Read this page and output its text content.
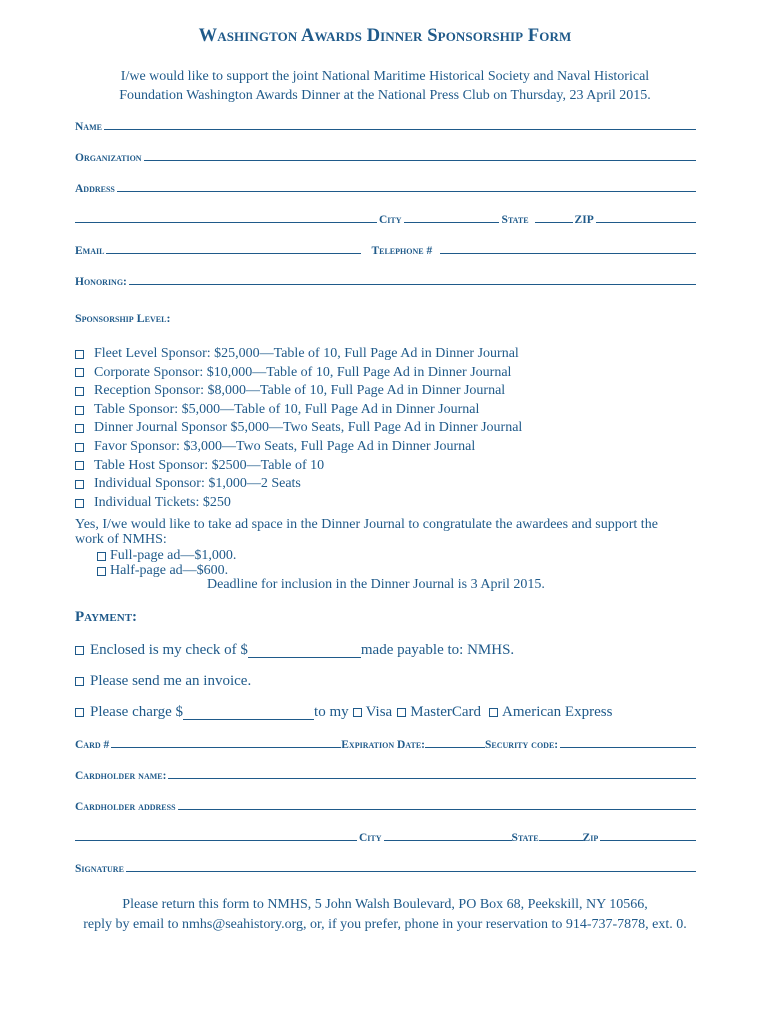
Washington Awards Dinner Sponsorship Form
I/we would like to support the joint National Maritime Historical Society and Naval Historical
Foundation Washington Awards Dinner at the National Press Club on Thursday, 23 April 2015.
Name
Organization
Address
City	State	ZIP
Email	Telephone #
Honoring:
Sponsorship Level:
Fleet Level Sponsor: $25,000—Table of 10, Full Page Ad in Dinner Journal
Corporate Sponsor: $10,000—Table of 10, Full Page Ad in Dinner Journal
Reception Sponsor: $8,000—Table of 10, Full Page Ad in Dinner Journal
Table Sponsor: $5,000—Table of 10, Full Page Ad in Dinner Journal
Dinner Journal Sponsor $5,000—Two Seats, Full Page Ad in Dinner Journal
Favor Sponsor: $3,000—Two Seats, Full Page Ad in Dinner Journal
Table Host Sponsor: $2500—Table of 10
Individual Sponsor: $1,000—2 Seats
Individual Tickets: $250
Yes, I/we would like to take ad space in the Dinner Journal to congratulate the awardees and support the work of NMHS:
Full-page ad—$1,000.
Half-page ad—$600.
Deadline for inclusion in the Dinner Journal is 3 April 2015.
Payment:
Enclosed is my check of $	made payable to: NMHS.
Please send me an invoice.
Please charge $	to my Visa MasterCard American Express
Card #	Expiration Date:	Security code:
Cardholder name:
Cardholder address
City	State	Zip
Signature
Please return this form to NMHS, 5 John Walsh Boulevard, PO Box 68, Peekskill, NY 10566,
reply by email to nmhs@seahistory.org, or, if you prefer, phone in your reservation to 914-737-7878, ext. 0.
